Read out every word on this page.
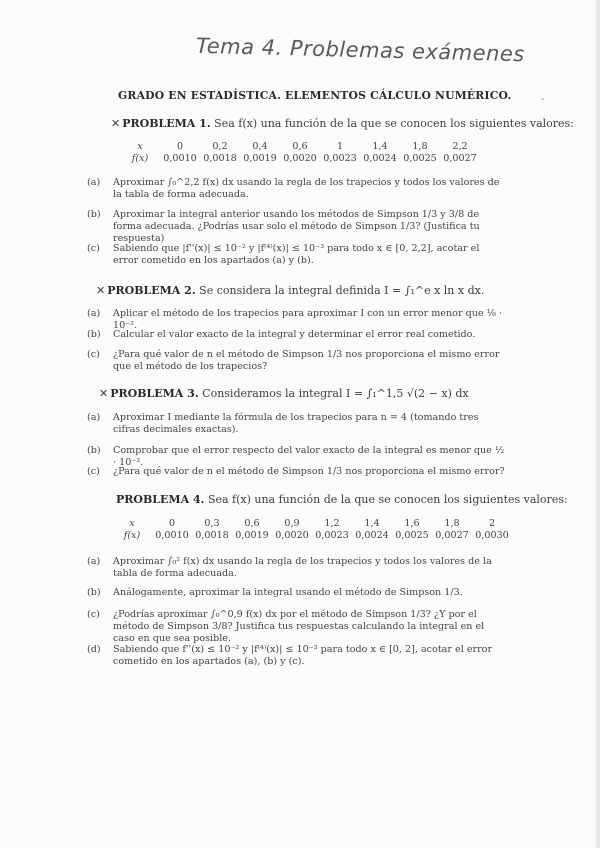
Tema 4. Problemas exámenes
GRADO EN ESTADÍSTICA. ELEMENTOS CÁLCULO NUMÉRICO.
✕ PROBLEMA 1. Sea f(x) una función de la que se conocen los siguientes valores:
x	0	0,2	0,4	0,6	1	1,4	1,8	2,2
f(x)	0,0010 0,0018 0,0019 0,0020 0,0023 0,0024 0,0025 0,0027
(a) Aproximar ∫₀^2,2 f(x) dx usando la regla de los trapecios y todos los valores de la tabla de forma adecuada.
(b) Aproximar la integral anterior usando los métodos de Simpson 1/3 y 3/8 de forma adecuada. ¿Podrías usar solo el método de Simpson 1/3? (Justifica tu respuesta)
(c) Sabiendo que |f''(x)| ≤ 10⁻² y |f⁽⁴⁾(x)| ≤ 10⁻³ para todo x ∈ [0, 2,2], acotar el error cometido en los apartados (a) y (b).
✕ PROBLEMA 2. Se considera la integral definida I = ∫₁^e x ln x dx.
(a) Aplicar el método de los trapecios para aproximar I con un error menor que ⅛ · 10⁻².
(b) Calcular el valor exacto de la integral y determinar el error real cometido.
(c) ¿Para qué valor de n el método de Simpson 1/3 nos proporciona el mismo error que el método de los trapecios?
✕ PROBLEMA 3. Consideramos la integral I = ∫₁^1,5 √(2 − x) dx
(a) Aproximar I mediante la fórmula de los trapecios para n = 4 (tomando tres cifras decimales exactas).
(b) Comprobar que el error respecto del valor exacto de la integral es menor que ½ · 10⁻².
(c) ¿Para qué valor de n el método de Simpson 1/3 nos proporciona el mismo error?
PROBLEMA 4. Sea f(x) una función de la que se conocen los siguientes valores:
x	0	0,3	0,6	0,9	1,2	1,4	1,6	1,8	2
f(x)	0,0010 0,0018 0,0019 0,0020 0,0023 0,0024 0,0025 0,0027 0,0030
(a) Aproximar ∫₀² f(x) dx usando la regla de los trapecios y todos los valores de la tabla de forma adecuada.
(b) Análogamente, aproximar la integral usando el método de Simpson 1/3.
(c) ¿Podrías aproximar ∫₀^0,9 f(x) dx por el método de Simpson 1/3? ¿Y por el método de Simpson 3/8? Justifica tus respuestas calculando la integral en el caso en que sea posible.
(d) Sabiendo que f''(x) ≤ 10⁻² y |f⁽⁴⁾(x)| ≤ 10⁻³ para todo x ∈ [0, 2], acotar el error cometido en los apartados (a), (b) y (c).
